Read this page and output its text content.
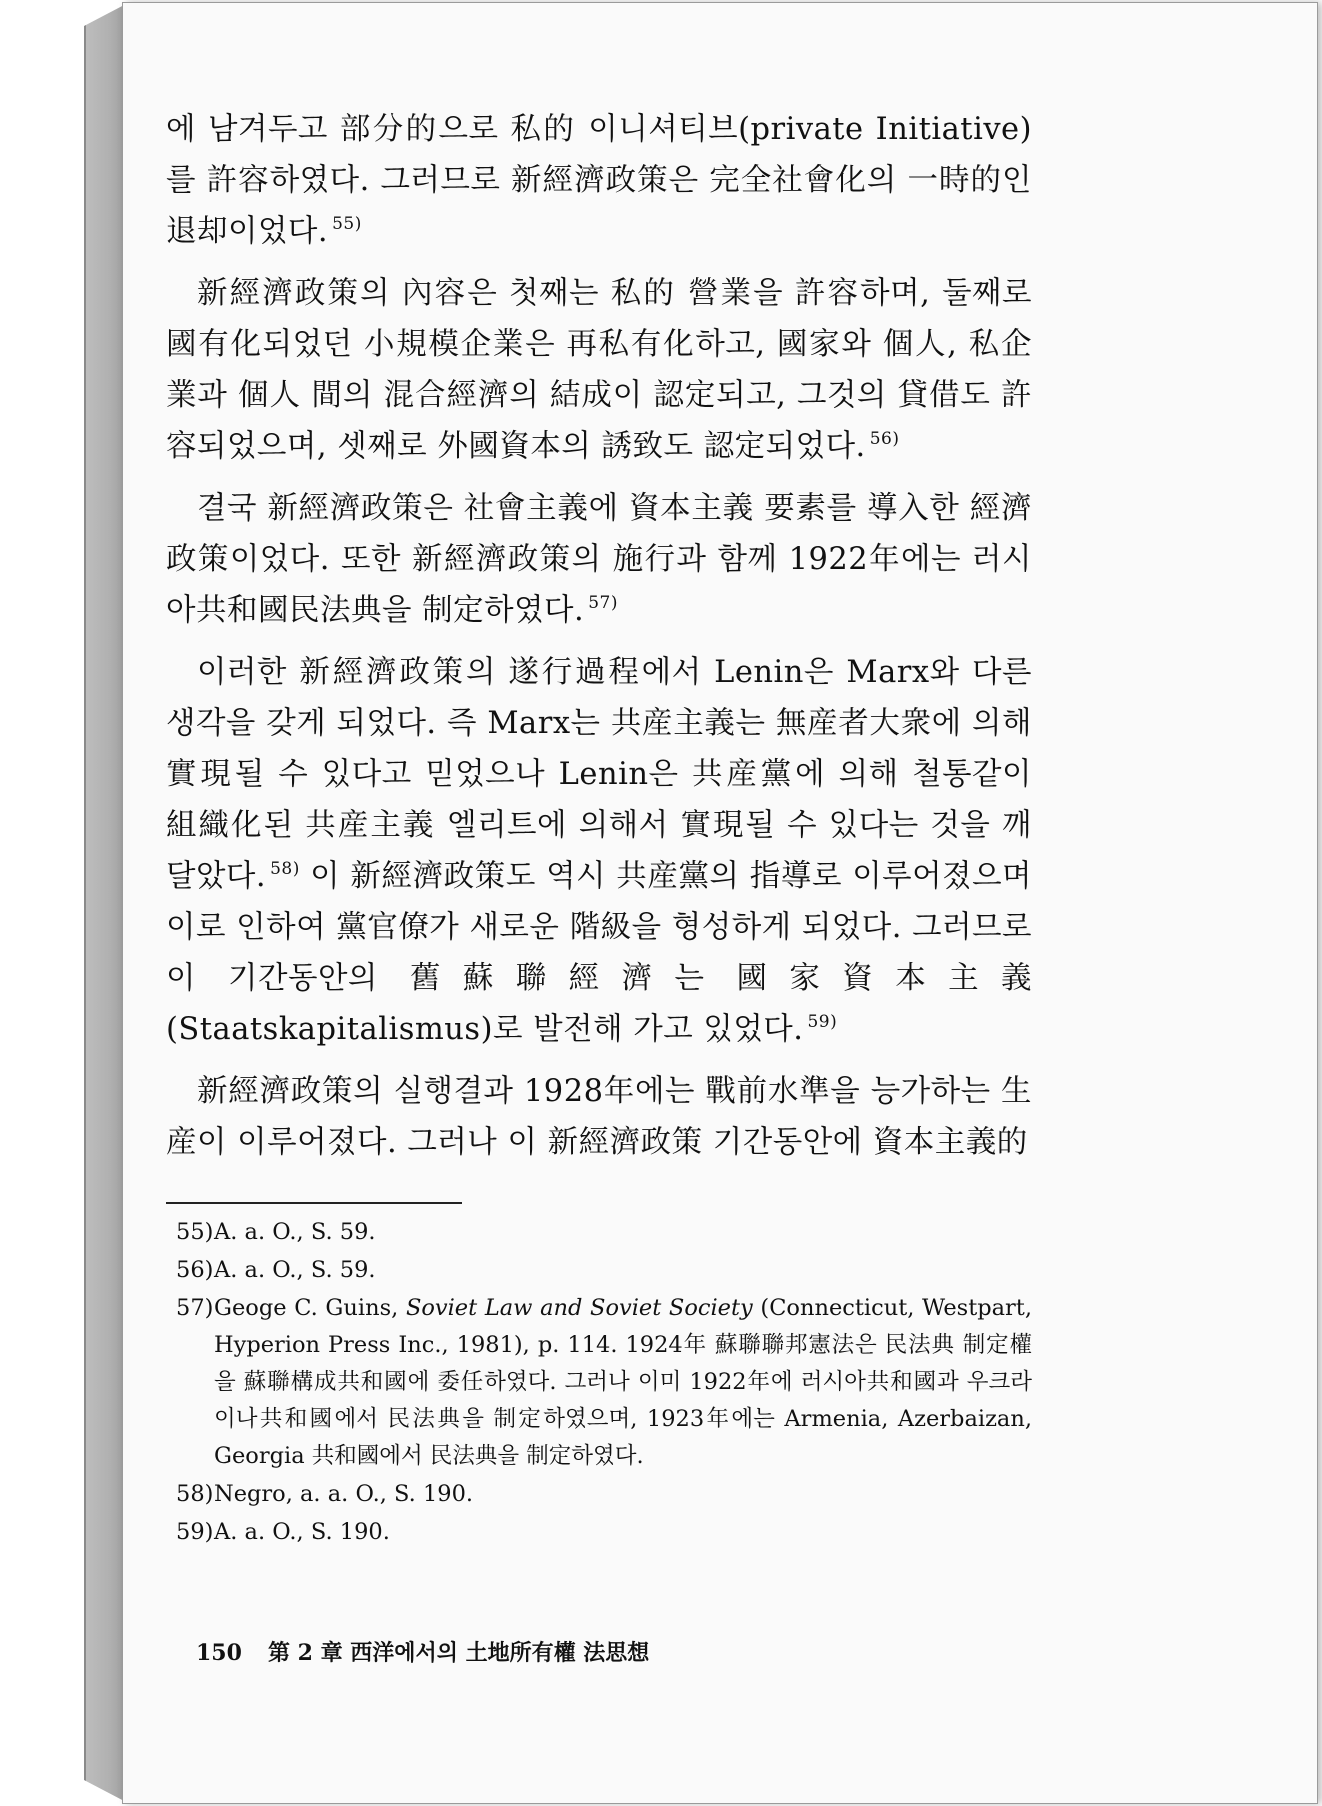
에 남겨두고 部分的으로 私的 이니셔티브(private Initiative)를 許容하였다. 그러므로 新經濟政策은 完全社會化의 一時的인 退却이었다. $^{55)}$

新經濟政策의 內容은 첫째는 私的 營業을 許容하며, 둘째로 國有化되었던 小規模企業은 再私有化하고, 國家와 個人, 私企業과 個人 間의 混合經濟의 結成이 認定되고, 그것의 貸借도 許容되었으며, 셋째로 外國資本의 誘致도 認定되었다. $^{56)}$

결국 新經濟政策은 社會主義에 資本主義 要素를 導入한 經濟政策이었다. 또한 新經濟政策의 施行과 함께 1922年에는 러시아共和國民法典을 制定하였다. $^{57)}$

이러한 新經濟政策의 遂行過程에서 Lenin은 Marx와 다른 생각을 갖게 되었다. 즉 Marx는 共産主義는 無産者大衆에 의해 實現될 수 있다고 믿었으나 Lenin은 共産黨에 의해 철통같이 組織化된 共産主義 엘리트에 의해서 實現될 수 있다는 것을 깨달았다. $^{58)}$ 이 新經濟政策도 역시 共産黨의 指導로 이루어졌으며 이로 인하여 黨官僚가 새로운 階級을 형성하게 되었다. 그러므로 이 기간동안의 舊蘇聯經濟는 國家資本主義(Staatskapitalismus)로 발전해 가고 있었다. $^{59)}$

新經濟政策의 실행결과 1928年에는 戰前水準을 능가하는 生産이 이루어졌다. 그러나 이 新經濟政策 기간동안에 資本主義的

55) A. a. O., S. 59.
56) A. a. O., S. 59.
57) Geoge C. Guins, Soviet Law and Soviet Society (Connecticut, Westpart, Hyperion Press Inc., 1981), p. 114. 1924年 蘇聯聯邦憲法은 民法典 制定權을 蘇聯構成共和國에 委任하였다. 그러나 이미 1922年에 러시아共和國과 우크라이나共和國에서 民法典을 制定하였으며, 1923年에는 Armenia, Azerbaizan, Georgia 共和國에서 民法典을 制定하였다.
58) Negro, a. a. O., S. 190.
59) A. a. O., S. 190.
150 第 2 章 西洋에서의 土地所有權 法思想
